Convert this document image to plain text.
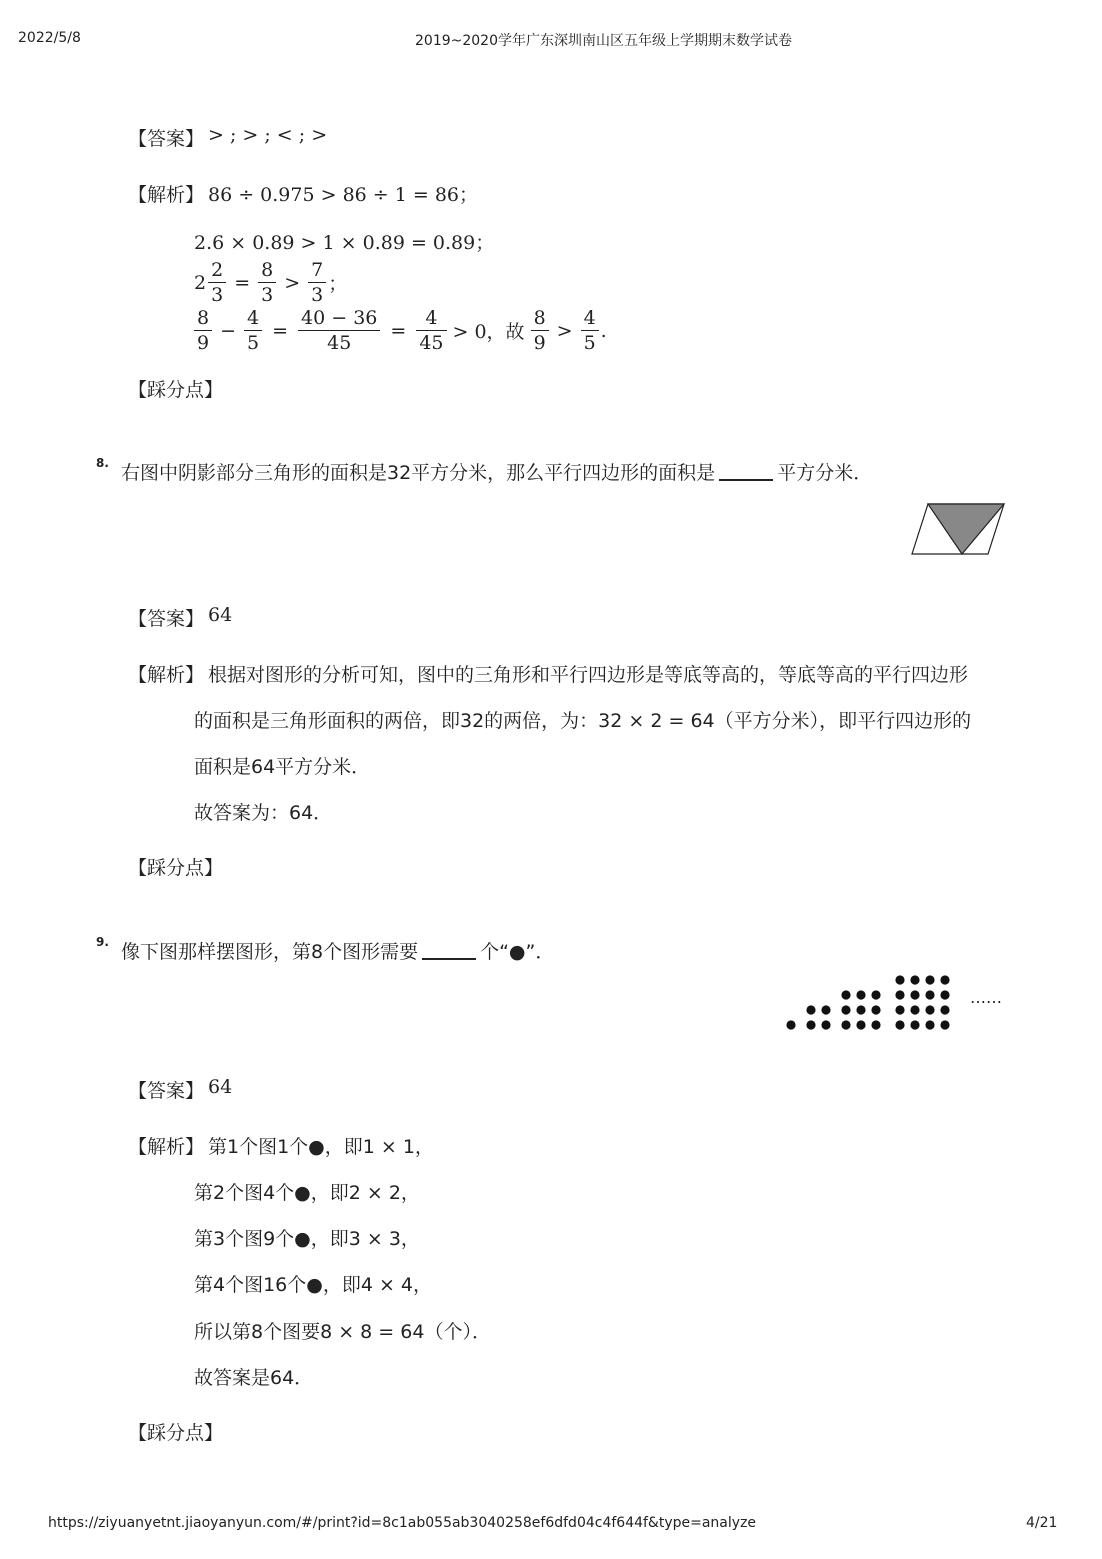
2022/5/8	2019~2020学年广东深圳南山区五年级上学期期末数学试卷
【答案】 > ; > ; < ; >
【解析】 86 ÷ 0.975 > 86 ÷ 1 = 86；
2.6 × 0.89 > 1 × 0.89 = 0.89；
$2 \frac{2}{3} = \frac{8}{3} > \frac{7}{3}$ ；
$\frac{8}{9} - \frac{4}{5} = \frac{40 - 36}{45} = \frac{4}{45} > 0$，故 $\frac{8}{9} > \frac{4}{5}$ .
【踩分点】
8. 右图中阴影部分三角形的面积是32平方分米，那么平行四边形的面积是	平方分米．
【答案】 64
【解析】 根据对图形的分析可知，图中的三角形和平行四边形是等底等高的，等底等高的平行四边形
的面积是三角形面积的两倍，即32的两倍，为：32 × 2 = 64（平方分米），即平行四边形的
面积是64平方分米．
故答案为：64．
【踩分点】
9. 像下图那样摆图形，第8个图形需要	个“●”．
……
【答案】 64
【解析】 第1个图1个●，即1 × 1，
第2个图4个●，即2 × 2，
第3个图9个●，即3 × 3，
第4个图16个●，即4 × 4，
所以第8个图要8 × 8 = 64（个）．
故答案是64．
【踩分点】
https://ziyuanyetnt.jiaoyanyun.com/#/print?id=8c1ab055ab3040258ef6dfd04c4f644f&type=analyze	4/21
